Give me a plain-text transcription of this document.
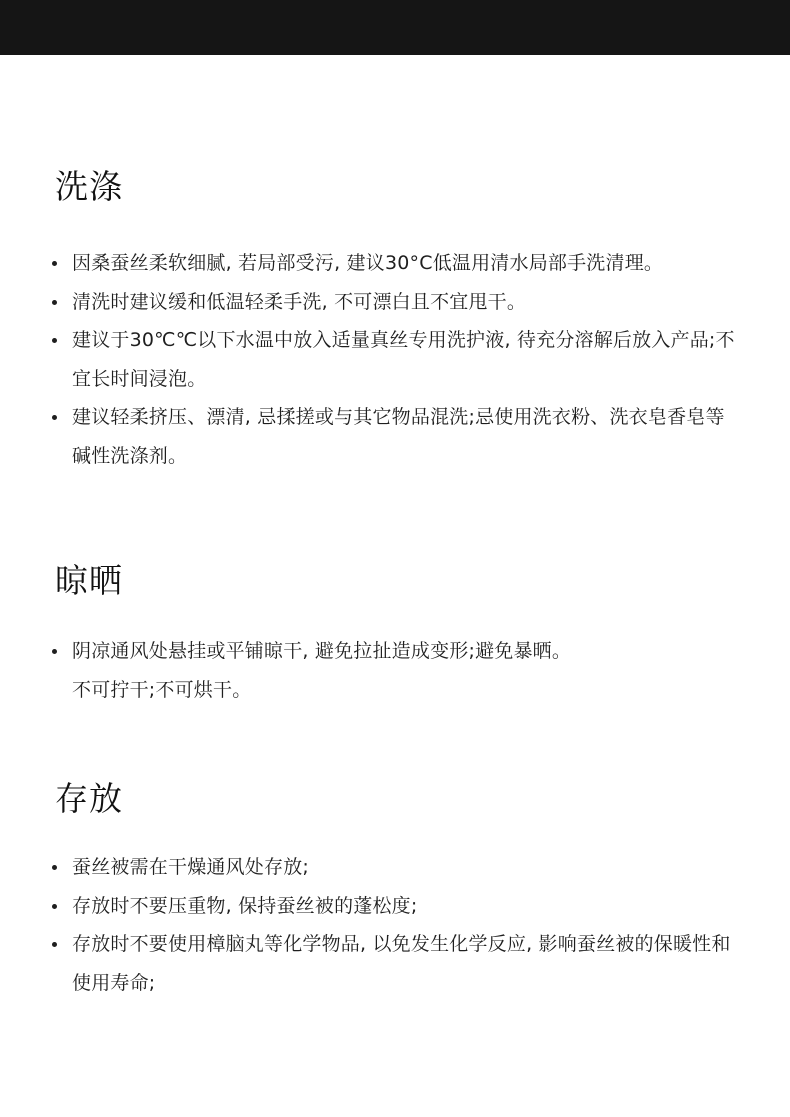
洗涤
因桑蚕丝柔软细腻, 若局部受污, 建议30°C低温用清水局部手洗清理。
清洗时建议缓和低温轻柔手洗, 不可漂白且不宜甩干。
建议于30℃℃以下水温中放入适量真丝专用洗护液, 待充分溶解后放入产品;不宜长时间浸泡。
建议轻柔挤压、漂清, 忌揉搓或与其它物品混洗;忌使用洗衣粉、洗衣皂香皂等碱性洗涤剂。
晾晒
阴凉通风处悬挂或平铺晾干, 避免拉扯造成变形;避免暴晒。
不可拧干;不可烘干。
存放
蚕丝被需在干燥通风处存放;
存放时不要压重物, 保持蚕丝被的蓬松度;
存放时不要使用樟脑丸等化学物品, 以免发生化学反应, 影响蚕丝被的保暖性和使用寿命;
